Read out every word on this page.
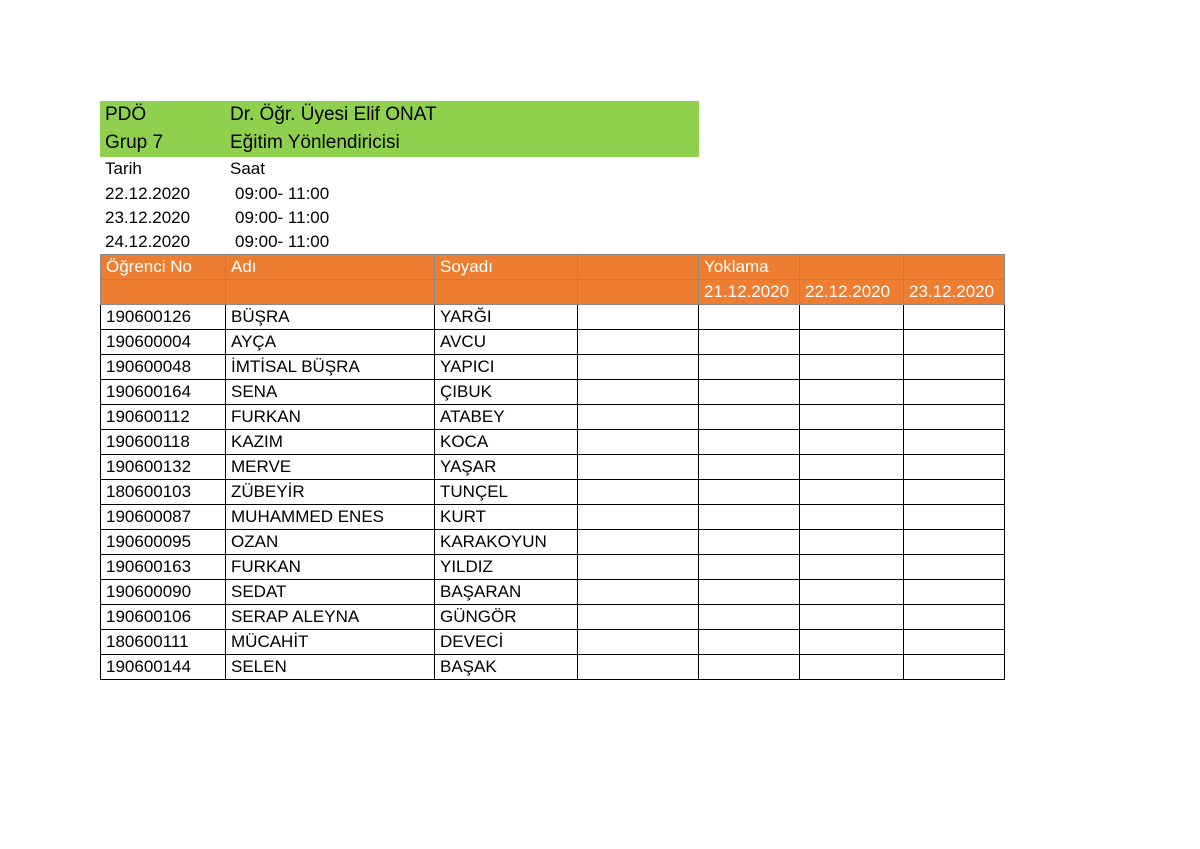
PDÖ	Dr. Öğr. Üyesi Elif ONAT
Grup 7	Eğitim Yönlendiricisi
Tarih	Saat
22.12.2020	09:00- 11:00
23.12.2020	09:00- 11:00
24.12.2020	09:00- 11:00
Öğrenci No	Adı	Soyadı		Yoklama		
				21.12.2020	22.12.2020	23.12.2020
190600126	BÜŞRA	YARĞI				
190600004	AYÇA	AVCU				
190600048	İMTİSAL BÜŞRA	YAPICI				
190600164	SENA	ÇIBUK				
190600112	FURKAN	ATABEY				
190600118	KAZIM	KOCA				
190600132	MERVE	YAŞAR				
180600103	ZÜBEYİR	TUNÇEL				
190600087	MUHAMMED ENES	KURT				
190600095	OZAN	KARAKOYUN				
190600163	FURKAN	YILDIZ				
190600090	SEDAT	BAŞARAN				
190600106	SERAP ALEYNA	GÜNGÖR				
180600111	MÜCAHİT	DEVECİ				
190600144	SELEN	BAŞAK				
